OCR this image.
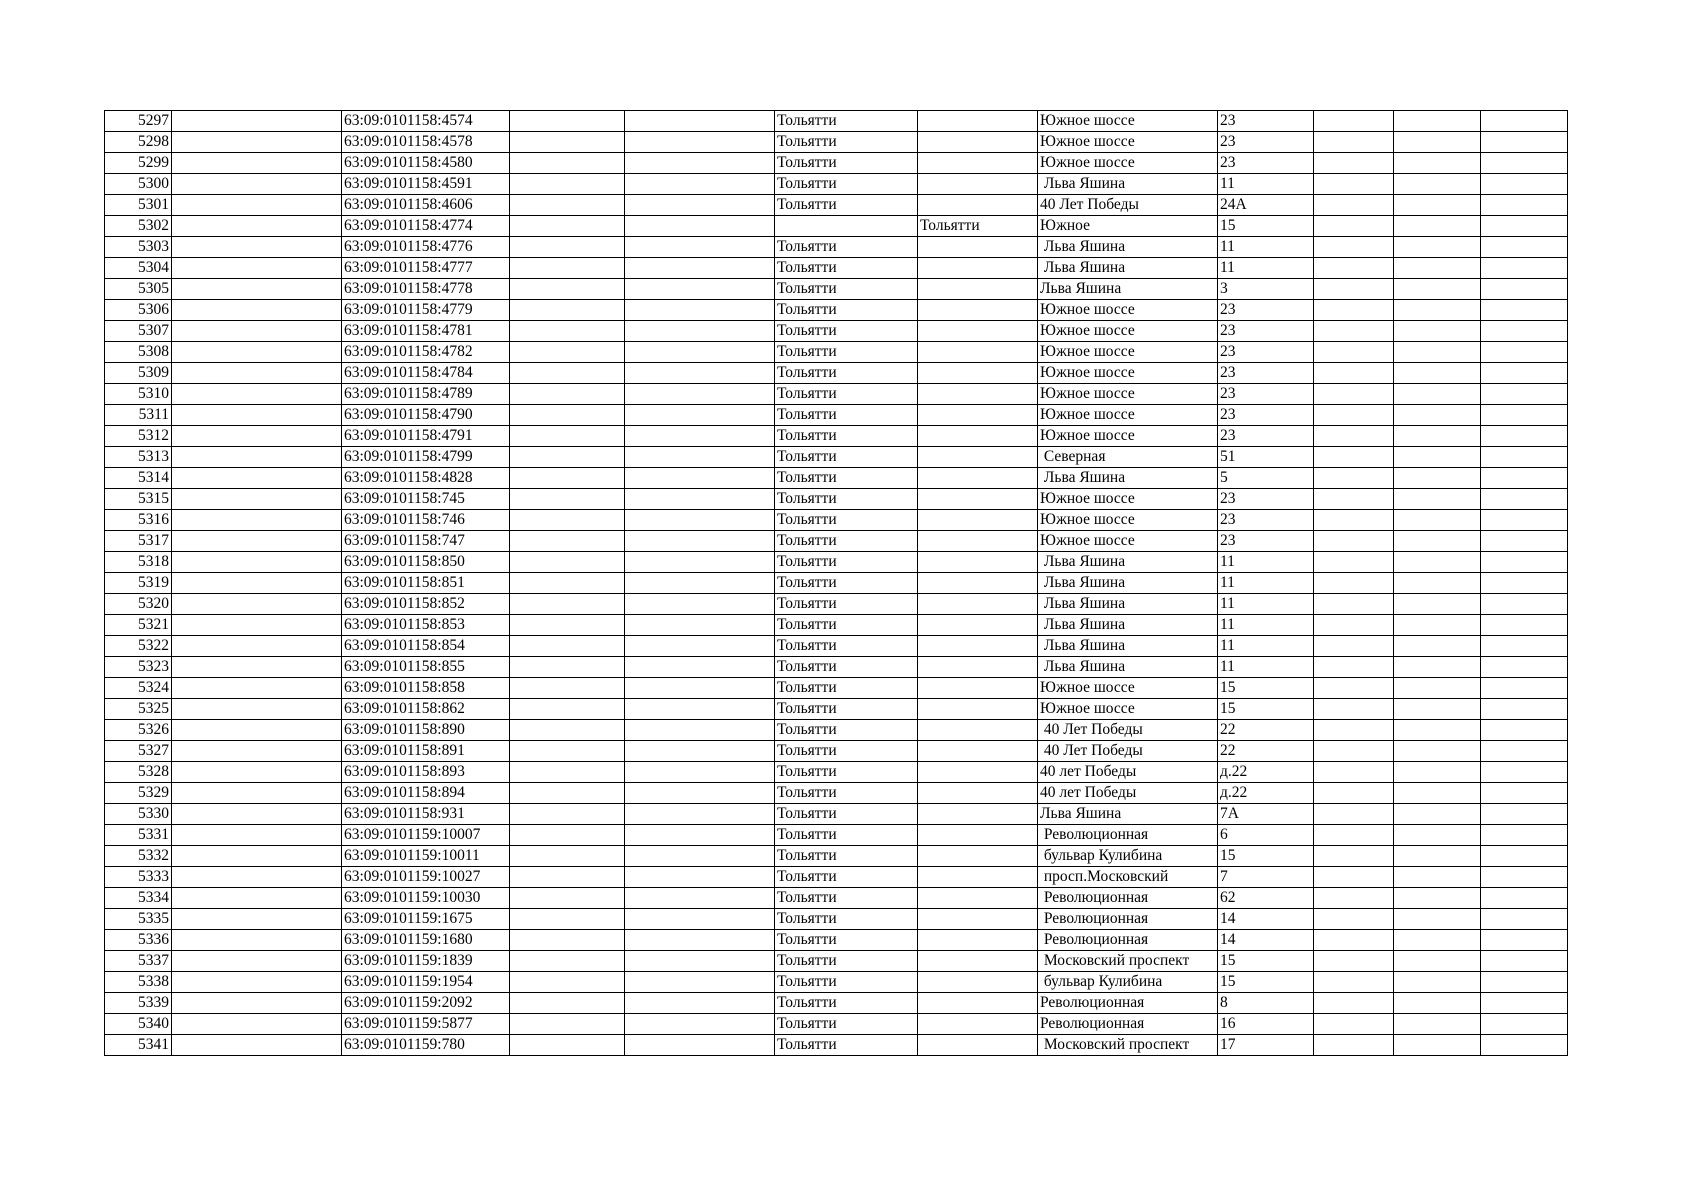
5297		63:09:0101158:4574			Тольятти		Южное шоссе	23			
5298		63:09:0101158:4578			Тольятти		Южное шоссе	23			
5299		63:09:0101158:4580			Тольятти		Южное шоссе	23			
5300		63:09:0101158:4591			Тольятти		Льва Яшина	11			
5301		63:09:0101158:4606			Тольятти		40 Лет Победы	24А			
5302		63:09:0101158:4774				Тольятти	Южное	15			
5303		63:09:0101158:4776			Тольятти		Льва Яшина	11			
5304		63:09:0101158:4777			Тольятти		Льва Яшина	11			
5305		63:09:0101158:4778			Тольятти		Льва Яшина	3			
5306		63:09:0101158:4779			Тольятти		Южное шоссе	23			
5307		63:09:0101158:4781			Тольятти		Южное шоссе	23			
5308		63:09:0101158:4782			Тольятти		Южное шоссе	23			
5309		63:09:0101158:4784			Тольятти		Южное шоссе	23			
5310		63:09:0101158:4789			Тольятти		Южное шоссе	23			
5311		63:09:0101158:4790			Тольятти		Южное шоссе	23			
5312		63:09:0101158:4791			Тольятти		Южное шоссе	23			
5313		63:09:0101158:4799			Тольятти		Северная	51			
5314		63:09:0101158:4828			Тольятти		Льва Яшина	5			
5315		63:09:0101158:745			Тольятти		Южное шоссе	23			
5316		63:09:0101158:746			Тольятти		Южное шоссе	23			
5317		63:09:0101158:747			Тольятти		Южное шоссе	23			
5318		63:09:0101158:850			Тольятти		Льва Яшина	11			
5319		63:09:0101158:851			Тольятти		Льва Яшина	11			
5320		63:09:0101158:852			Тольятти		Льва Яшина	11			
5321		63:09:0101158:853			Тольятти		Льва Яшина	11			
5322		63:09:0101158:854			Тольятти		Льва Яшина	11			
5323		63:09:0101158:855			Тольятти		Льва Яшина	11			
5324		63:09:0101158:858			Тольятти		Южное шоссе	15			
5325		63:09:0101158:862			Тольятти		Южное шоссе	15			
5326		63:09:0101158:890			Тольятти		40 Лет Победы	22			
5327		63:09:0101158:891			Тольятти		40 Лет Победы	22			
5328		63:09:0101158:893			Тольятти		40 лет Победы	д.22			
5329		63:09:0101158:894			Тольятти		40 лет Победы	д.22			
5330		63:09:0101158:931			Тольятти		Льва Яшина	7А			
5331		63:09:0101159:10007			Тольятти		Революционная	6			
5332		63:09:0101159:10011			Тольятти		бульвар Кулибина	15			
5333		63:09:0101159:10027			Тольятти		просп.Московский	7			
5334		63:09:0101159:10030			Тольятти		Революционная	62			
5335		63:09:0101159:1675			Тольятти		Революционная	14			
5336		63:09:0101159:1680			Тольятти		Революционная	14			
5337		63:09:0101159:1839			Тольятти		Московский проспект	15			
5338		63:09:0101159:1954			Тольятти		бульвар Кулибина	15			
5339		63:09:0101159:2092			Тольятти		Революционная	8			
5340		63:09:0101159:5877			Тольятти		Революционная	16			
5341		63:09:0101159:780			Тольятти		Московский проспект	17			
